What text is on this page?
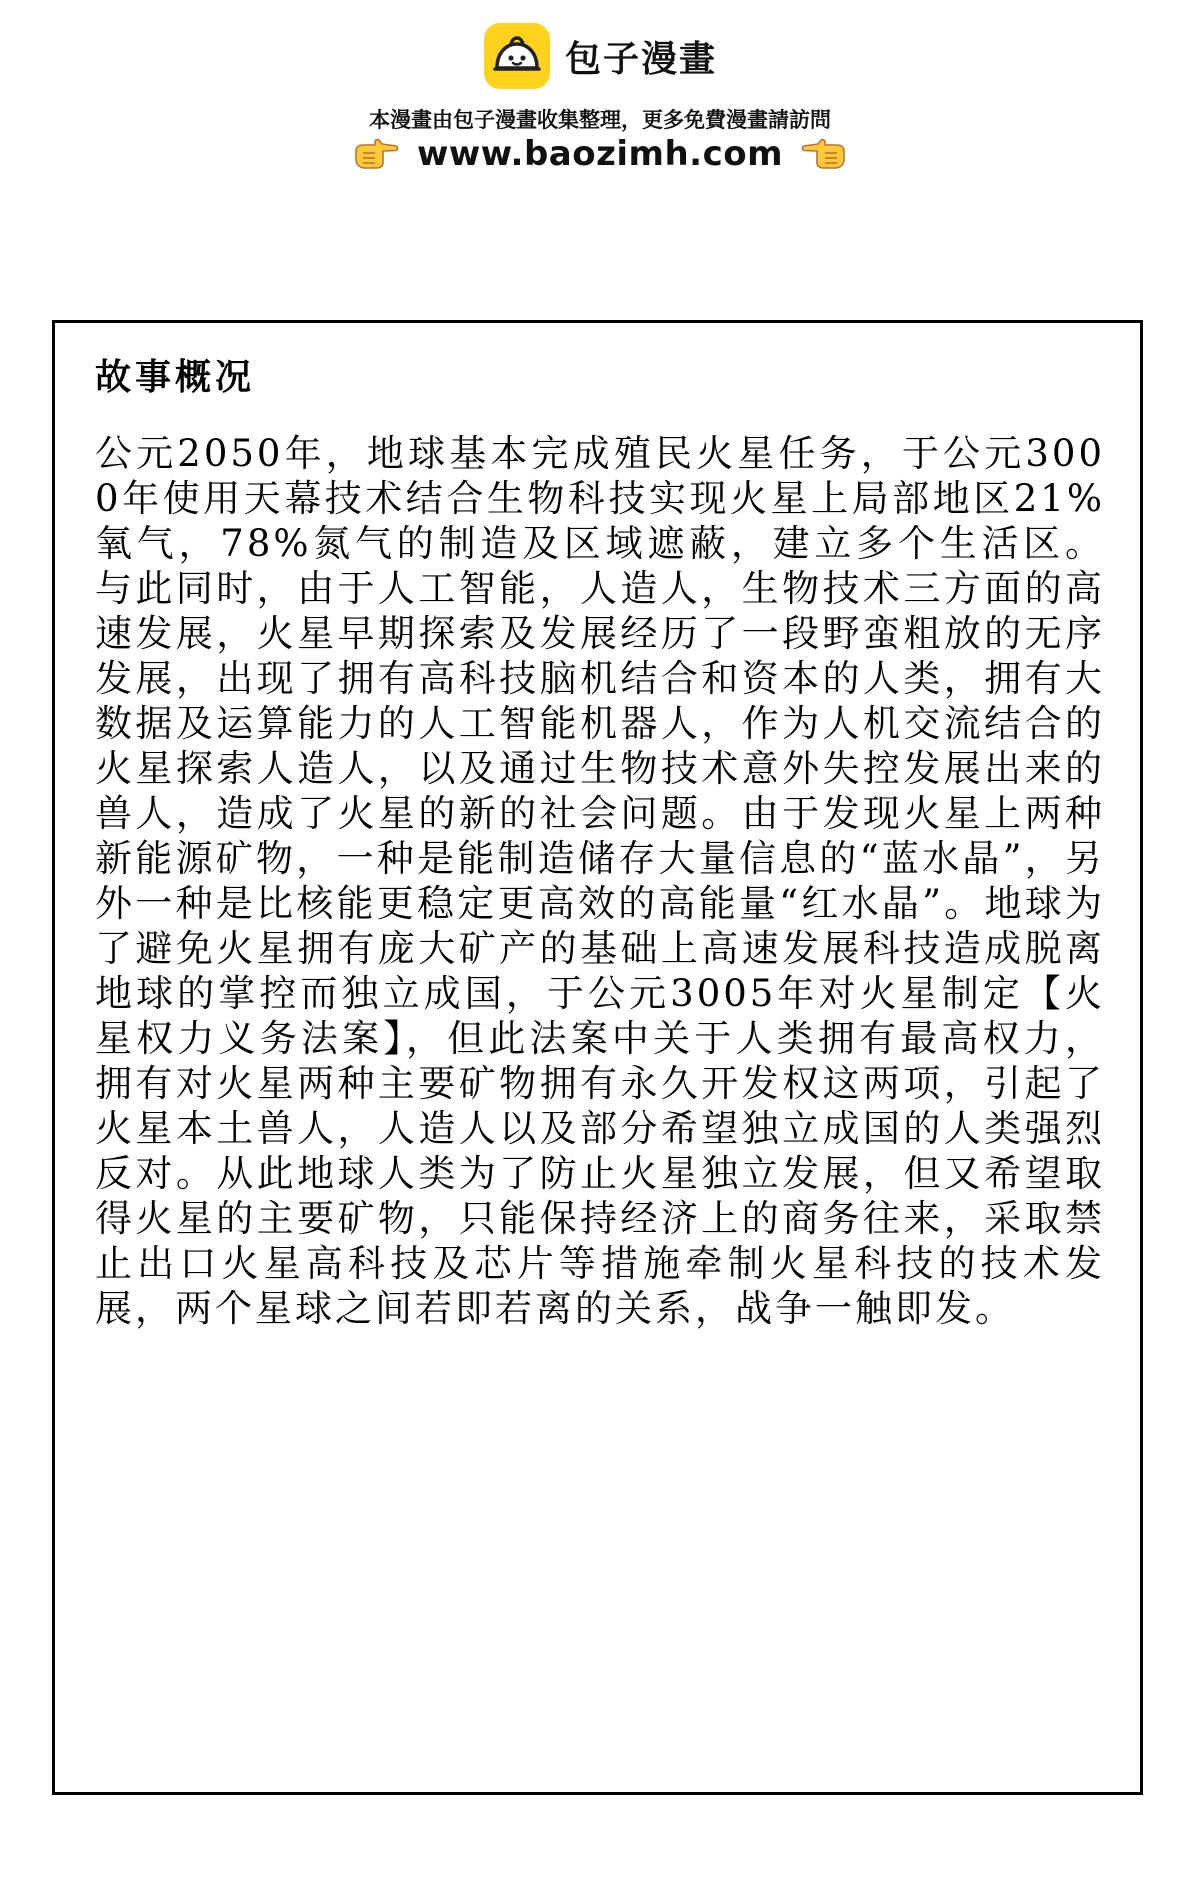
包子漫畫
本漫畫由包子漫畫收集整理，更多免費漫畫請訪問
www.baozimh.com
故事概况

公元2050年，地球基本完成殖民火星任务，于公元3000年使用天幕技术结合生物科技实现火星上局部地区21%氧气，78%氮气的制造及区域遮蔽，建立多个生活区。与此同时，由于人工智能，人造人，生物技术三方面的高速发展，火星早期探索及发展经历了一段野蛮粗放的无序发展，出现了拥有高科技脑机结合和资本的人类，拥有大数据及运算能力的人工智能机器人，作为人机交流结合的火星探索人造人，以及通过生物技术意外失控发展出来的兽人，造成了火星的新的社会问题。由于发现火星上两种新能源矿物，一种是能制造储存大量信息的“蓝水晶”，另外一种是比核能更稳定更高效的高能量“红水晶”。地球为了避免火星拥有庞大矿产的基础上高速发展科技造成脱离地球的掌控而独立成国，于公元3005年对火星制定【火星权力义务法案】，但此法案中关于人类拥有最高权力，拥有对火星两种主要矿物拥有永久开发权这两项，引起了火星本土兽人，人造人以及部分希望独立成国的人类强烈反对。从此地球人类为了防止火星独立发展，但又希望取得火星的主要矿物，只能保持经济上的商务往来，采取禁止出口火星高科技及芯片等措施牵制火星科技的技术发展，两个星球之间若即若离的关系，战争一触即发。
